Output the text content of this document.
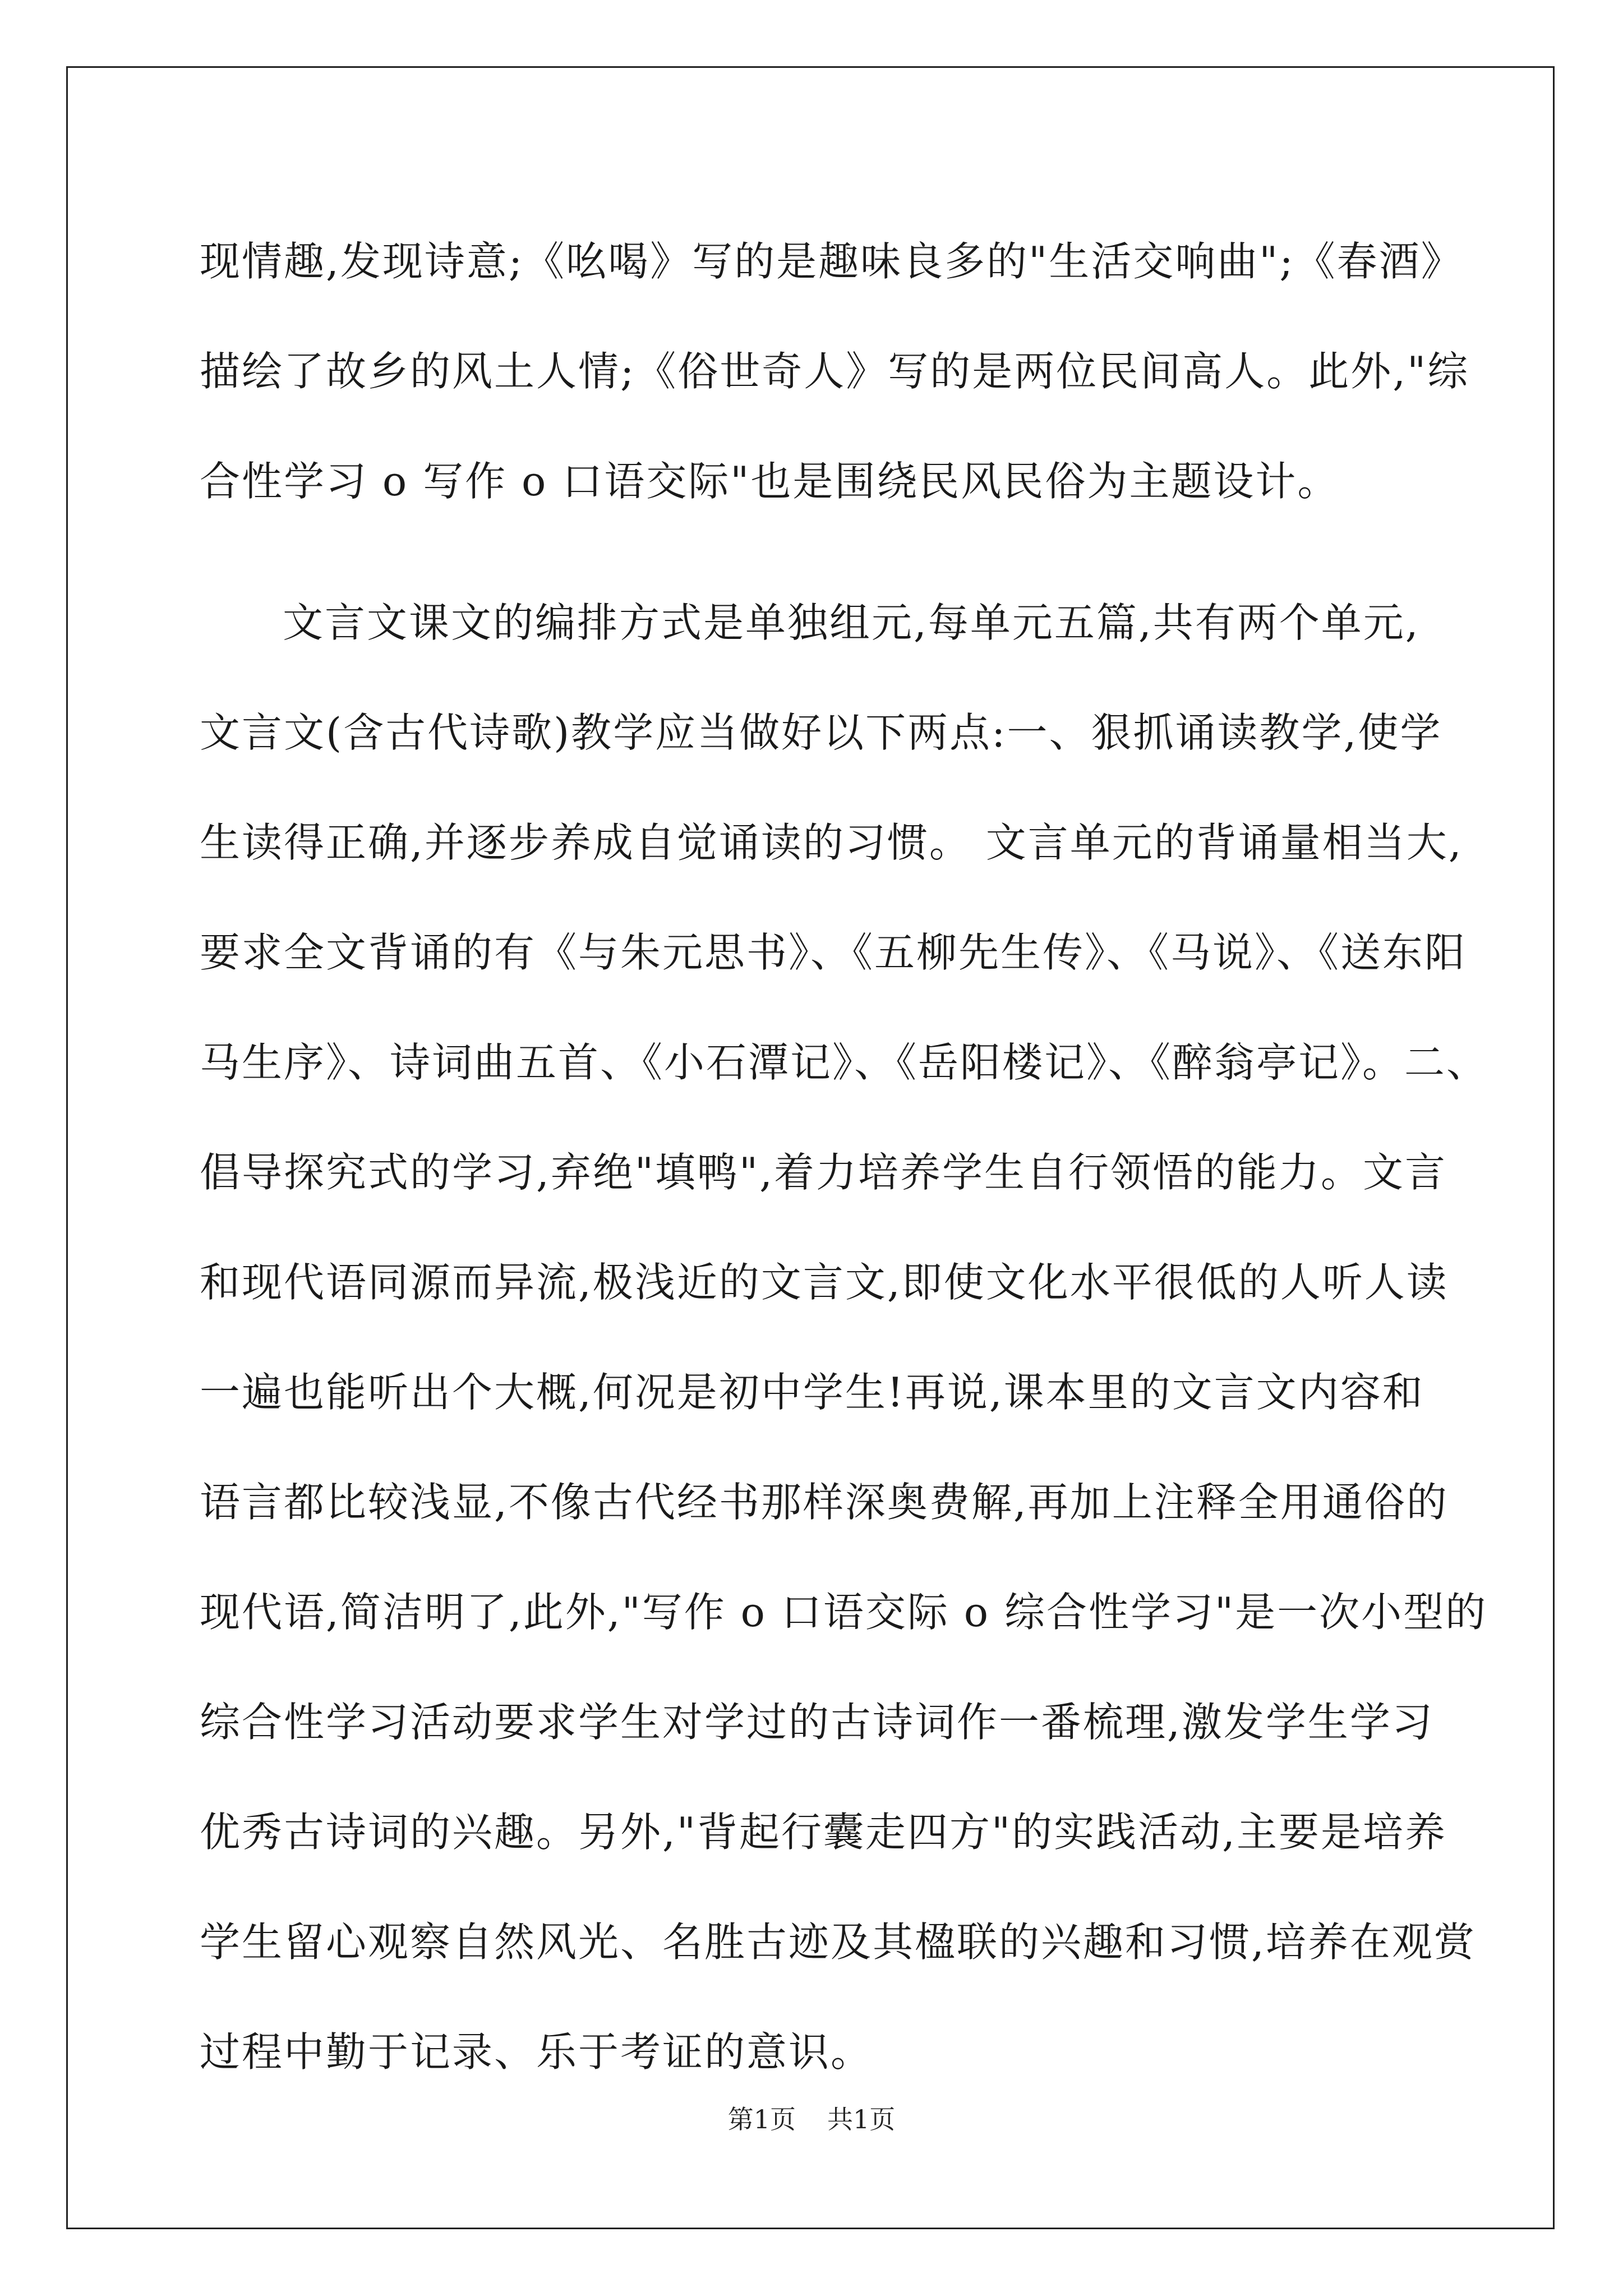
现情趣,发现诗意;《吆喝》写的是趣味良多的"生活交响曲";《春酒》
描绘了故乡的风土人情;《俗世奇人》写的是两位民间高人。此外,"综
合性学习 o 写作 o 口语交际"也是围绕民风民俗为主题设计。
文言文课文的编排方式是单独组元,每单元五篇,共有两个单元,
文言文(含古代诗歌)教学应当做好以下两点:一、狠抓诵读教学,使学
生读得正确,并逐步养成自觉诵读的习惯。 文言单元的背诵量相当大,
要求全文背诵的有《与朱元思书》、《五柳先生传》、《马说》、《送东阳
马生序》、诗词曲五首、《小石潭记》、《岳阳楼记》、《醉翁亭记》。二、
倡导探究式的学习,弃绝"填鸭",着力培养学生自行领悟的能力。文言
和现代语同源而异流,极浅近的文言文,即使文化水平很低的人听人读
一遍也能听出个大概,何况是初中学生!再说,课本里的文言文内容和
语言都比较浅显,不像古代经书那样深奥费解,再加上注释全用通俗的
现代语,简洁明了,此外,"写作 o 口语交际 o 综合性学习"是一次小型的
综合性学习活动要求学生对学过的古诗词作一番梳理,激发学生学习
优秀古诗词的兴趣。另外,"背起行囊走四方"的实践活动,主要是培养
学生留心观察自然风光、名胜古迹及其楹联的兴趣和习惯,培养在观赏
过程中勤于记录、乐于考证的意识。
第1页 共1页
